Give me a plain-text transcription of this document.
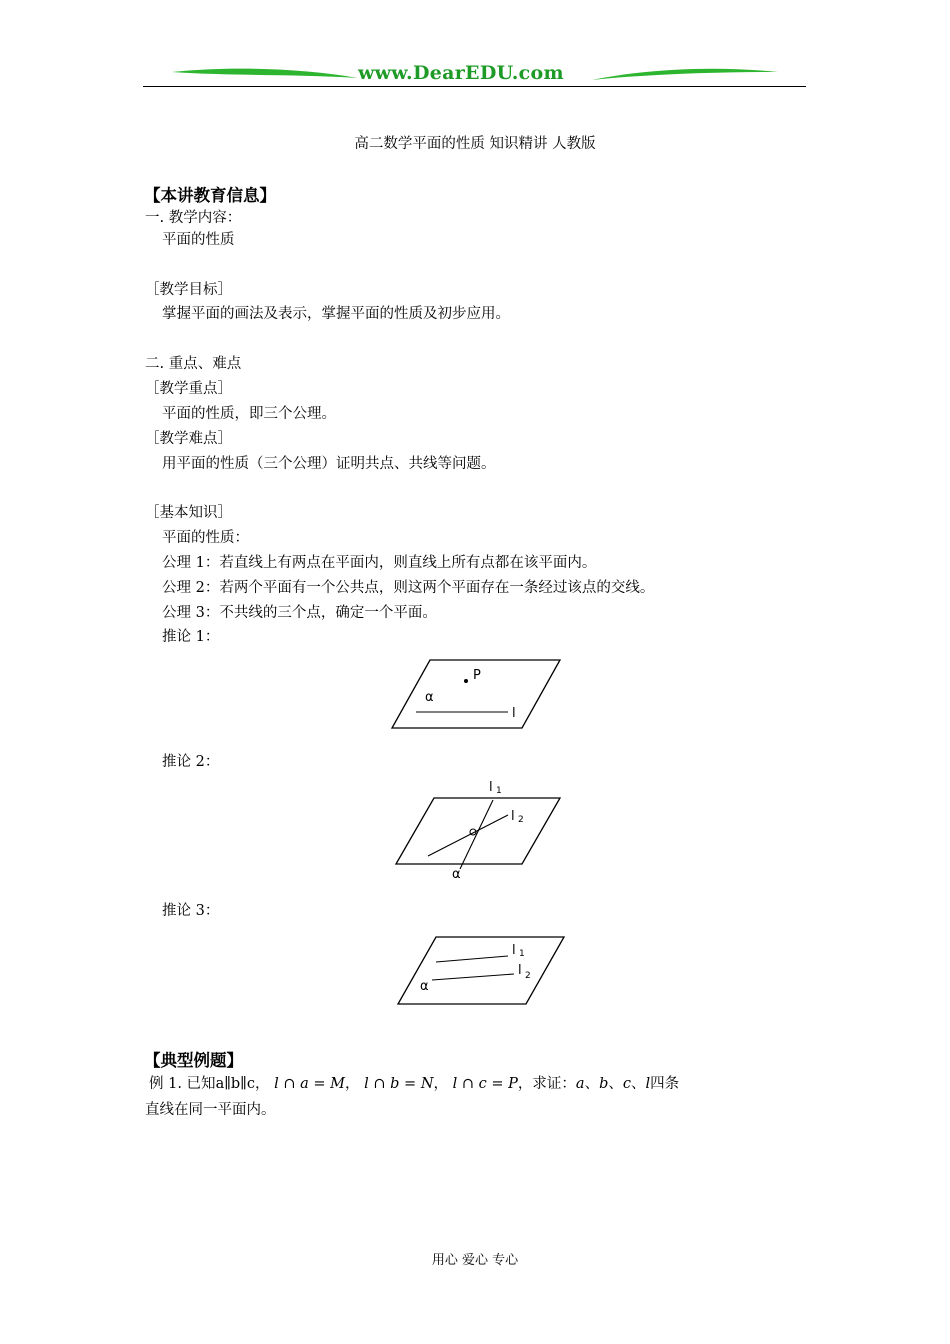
www.DearEDU.com
高二数学平面的性质 知识精讲 人教版
【本讲教育信息】
一. 教学内容：
平面的性质
［教学目标］
掌握平面的画法及表示，掌握平面的性质及初步应用。
二. 重点、难点
［教学重点］
平面的性质，即三个公理。
［教学难点］
用平面的性质（三个公理）证明共点、共线等问题。
［基本知识］
平面的性质：
公理 1：若直线上有两点在平面内，则直线上所有点都在该平面内。
公理 2：若两个平面有一个公共点，则这两个平面存在一条经过该点的交线。
公理 3：不共线的三个点，确定一个平面。
推论 1：
P
α
l
推论 2：
l 1
l 2
α
推论 3：
l 1
l 2
α
【典型例题】
例 1. 已知a∥b∥c， l ∩ a = M， l ∩ b = N， l ∩ c = P，求证：a、b、c、l四条
直线在同一平面内。
用心 爱心 专心
